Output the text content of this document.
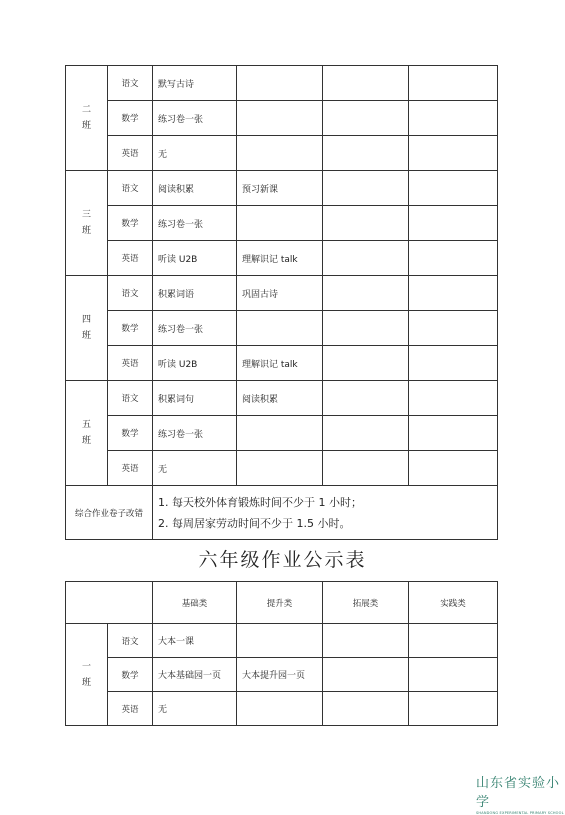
二
班	语文	默写古诗			
	数学	练习卷一张			
	英语	无			
三
班	语文	阅读积累	预习新课		
	数学	练习卷一张			
	英语	听读 U2B	理解识记 talk		
四
班	语文	积累词语	巩固古诗		
	数学	练习卷一张			
	英语	听读 U2B	理解识记 talk		
五
班	语文	积累词句	阅读积累		
	数学	练习卷一张			
	英语	无			
综合作业卷子改错		1. 每天校外体育锻炼时间不少于 1 小时；
2. 每周居家劳动时间不少于 1.5 小时。			
六年级作业公示表
		基础类	提升类	拓展类	实践类
一
班	语文	大本一课			
	数学	大本基础园一页	大本提升园一页		
	英语	无			
山东省实验小学
SHANDONG EXPERIMENTAL PRIMARY SCHOOL
